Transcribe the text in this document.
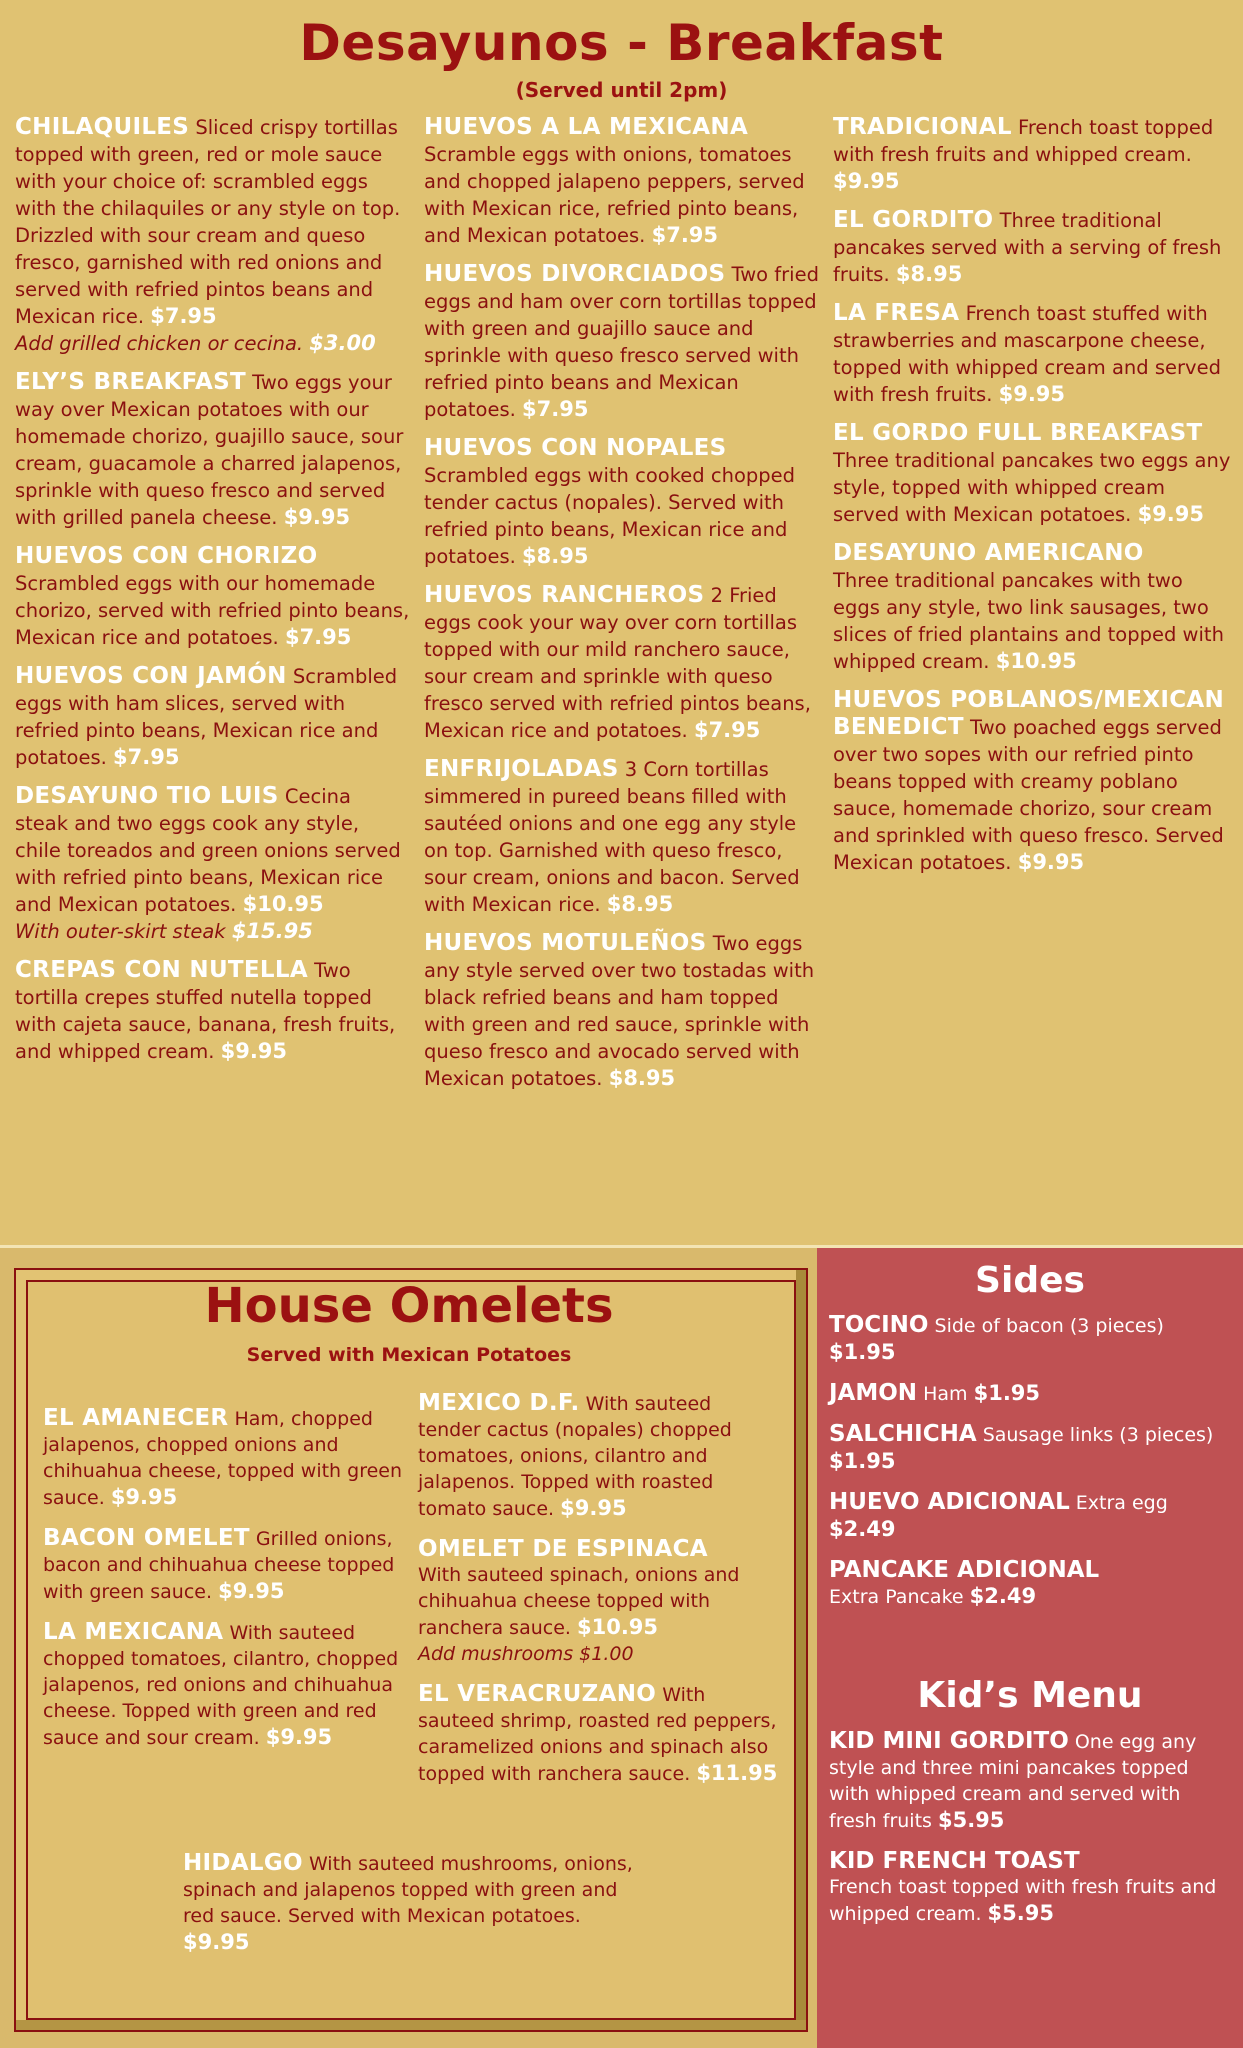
Desayunos - Breakfast
(Served until 2pm)
CHILAQUILES Sliced crispy tortillas topped with green, red or mole sauce with your choice of: scrambled eggs with the chilaquiles or any style on top. Drizzled with sour cream and queso fresco, garnished with red onions and served with refried pintos beans and Mexican rice. $7.95
Add grilled chicken or cecina. $3.00
ELY’S BREAKFAST Two eggs your way over Mexican potatoes with our homemade chorizo, guajillo sauce, sour cream, guacamole a charred jalapenos, sprinkle with queso fresco and served with grilled panela cheese. $9.95
HUEVOS CON CHORIZO Scrambled eggs with our homemade chorizo, served with refried pinto beans, Mexican rice and potatoes. $7.95
HUEVOS CON JAMÓN Scrambled eggs with ham slices, served with refried pinto beans, Mexican rice and potatoes. $7.95
DESAYUNO TIO LUIS Cecina steak and two eggs cook any style, chile toreados and green onions served with refried pinto beans, Mexican rice and Mexican potatoes. $10.95
With outer-skirt steak $15.95
CREPAS CON NUTELLA Two tortilla crepes stuffed nutella topped with cajeta sauce, banana, fresh fruits, and whipped cream. $9.95
HUEVOS A LA MEXICANA Scramble eggs with onions, tomatoes and chopped jalapeno peppers, served with Mexican rice, refried pinto beans, and Mexican potatoes. $7.95
HUEVOS DIVORCIADOS Two fried eggs and ham over corn tortillas topped with green and guajillo sauce and sprinkle with queso fresco served with refried pinto beans and Mexican potatoes. $7.95
HUEVOS CON NOPALES Scrambled eggs with cooked chopped tender cactus (nopales). Served with refried pinto beans, Mexican rice and potatoes. $8.95
HUEVOS RANCHEROS 2 Fried eggs cook your way over corn tortillas topped with our mild ranchero sauce, sour cream and sprinkle with queso fresco served with refried pintos beans, Mexican rice and potatoes. $7.95
ENFRIJOLADAS 3 Corn tortillas simmered in pureed beans filled with sautéed onions and one egg any style on top. Garnished with queso fresco, sour cream, onions and bacon. Served with Mexican rice. $8.95
HUEVOS MOTULEÑOS Two eggs any style served over two tostadas with black refried beans and ham topped with green and red sauce, sprinkle with queso fresco and avocado served with Mexican potatoes. $8.95
TRADICIONAL French toast topped with fresh fruits and whipped cream. $9.95
EL GORDITO Three traditional pancakes served with a serving of fresh fruits. $8.95
LA FRESA French toast stuffed with strawberries and mascarpone cheese, topped with whipped cream and served with fresh fruits. $9.95
EL GORDO FULL BREAKFAST
Three traditional pancakes two eggs any style, topped with whipped cream served with Mexican potatoes. $9.95
DESAYUNO AMERICANO
Three traditional pancakes with two eggs any style, two link sausages, two slices of fried plantains and topped with whipped cream. $10.95
HUEVOS POBLANOS/MEXICAN BENEDICT Two poached eggs served over two sopes with our refried pinto beans topped with creamy poblano sauce, homemade chorizo, sour cream and sprinkled with queso fresco. Served Mexican potatoes. $9.95
House Omelets
Served with Mexican Potatoes
EL AMANECER Ham, chopped jalapenos, chopped onions and chihuahua cheese, topped with green sauce. $9.95
BACON OMELET Grilled onions, bacon and chihuahua cheese topped with green sauce. $9.95
LA MEXICANA With sauteed chopped tomatoes, cilantro, chopped jalapenos, red onions and chihuahua cheese. Topped with green and red sauce and sour cream. $9.95
MEXICO D.F. With sauteed tender cactus (nopales) chopped tomatoes, onions, cilantro and jalapenos. Topped with roasted tomato sauce. $9.95
OMELET DE ESPINACA
With sauteed spinach, onions and chihuahua cheese topped with ranchera sauce. $10.95
Add mushrooms $1.00
EL VERACRUZANO With sauteed shrimp, roasted red peppers, caramelized onions and spinach also topped with ranchera sauce. $11.95
HIDALGO With sauteed mushrooms, onions, spinach and jalapenos topped with green and red sauce. Served with Mexican potatoes. $9.95
Sides
TOCINO Side of bacon (3 pieces) $1.95
JAMON Ham $1.95
SALCHICHA Sausage links (3 pieces) $1.95
HUEVO ADICIONAL Extra egg $2.49
PANCAKE ADICIONAL
Extra Pancake $2.49
Kid’s Menu
KID MINI GORDITO One egg any style and three mini pancakes topped with whipped cream and served with fresh fruits $5.95
KID FRENCH TOAST
French toast topped with fresh fruits and whipped cream. $5.95
